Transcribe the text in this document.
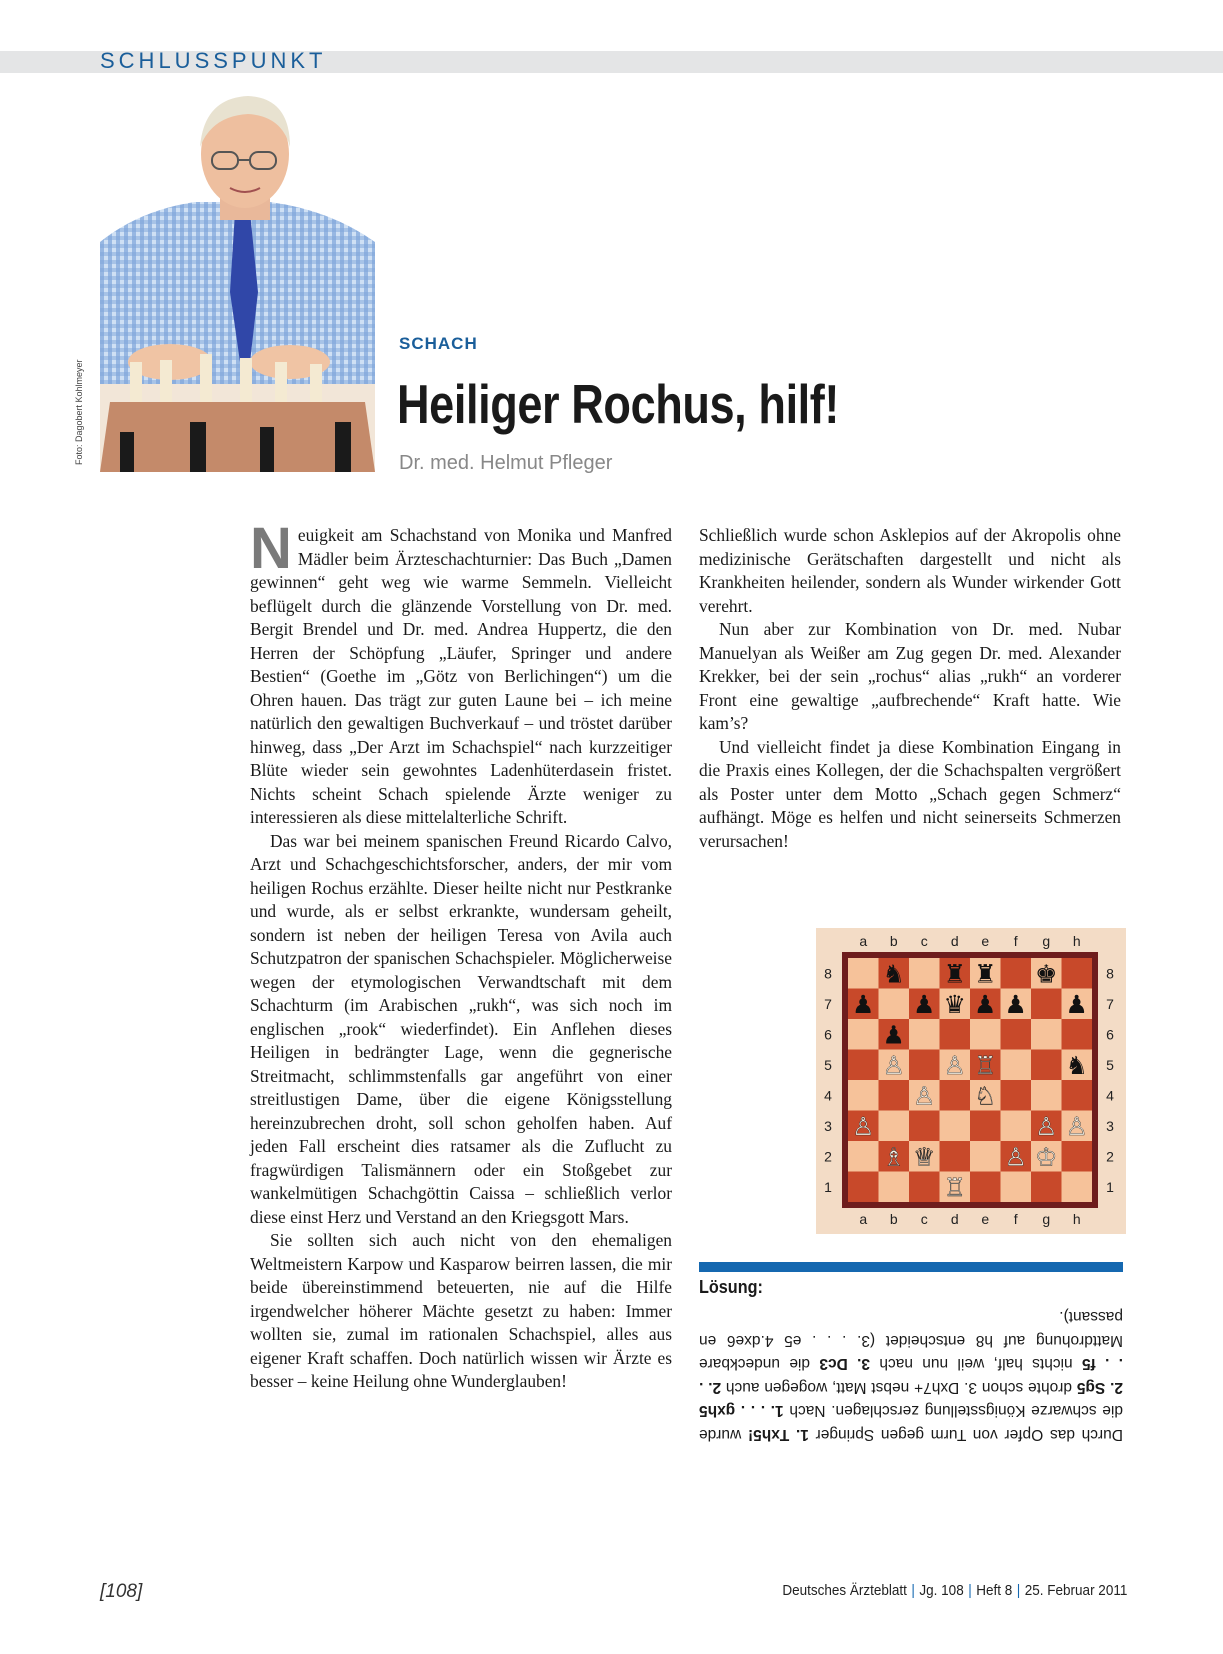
SCHLUSSPUNKT
Foto: Dagobert Kohlmeyer
SCHACH
Heiliger Rochus, hilf!
Dr. med. Helmut Pfleger

Neuigkeit am Schachstand von Monika und Manfred Mädler beim Ärzteschachturnier: Das Buch „Damen gewinnen“ geht weg wie warme Semmeln. Vielleicht beflügelt durch die glänzende Vorstellung von Dr. med. Bergit Brendel und Dr. med. Andrea Huppertz, die den Herren der Schöpfung „Läufer, Springer und andere Bestien“ (Goethe im „Götz von Berlichingen“) um die Ohren hauen. Das trägt zur guten Laune bei – ich meine natürlich den gewaltigen Buchverkauf – und tröstet darüber hinweg, dass „Der Arzt im Schachspiel“ nach kurzzeitiger Blüte wieder sein gewohntes Ladenhüterdasein fristet. Nichts scheint Schach spielende Ärzte weniger zu interessieren als diese mittelalterliche Schrift.

Das war bei meinem spanischen Freund Ricardo Calvo, Arzt und Schachgeschichtsforscher, anders, der mir vom heiligen Rochus erzählte. Dieser heilte nicht nur Pestkranke und wurde, als er selbst erkrankte, wundersam geheilt, sondern ist neben der heiligen Teresa von Avila auch Schutzpatron der spanischen Schachspieler. Möglicherweise wegen der etymologischen Verwandtschaft mit dem Schachturm (im Arabischen „rukh“, was sich noch im englischen „rook“ wiederfindet). Ein Anflehen dieses Heiligen in bedrängter Lage, wenn die gegnerische Streitmacht, schlimmstenfalls gar angeführt von einer streitlustigen Dame, über die eigene Königsstellung hereinzubrechen droht, soll schon geholfen haben. Auf jeden Fall erscheint dies ratsamer als die Zuflucht zu fragwürdigen Talismännern oder ein Stoßgebet zur wankelmütigen Schachgöttin Caissa – schließlich verlor diese einst Herz und Verstand an den Kriegsgott Mars.

Sie sollten sich auch nicht von den ehemaligen Weltmeistern Karpow und Kasparow beirren lassen, die mir beide übereinstimmend beteuerten, nie auf die Hilfe irgendwelcher höherer Mächte gesetzt zu haben: Immer wollten sie, zumal im rationalen Schachspiel, alles aus eigener Kraft schaffen. Doch natürlich wissen wir Ärzte es besser – keine Heilung ohne Wunderglauben!

Schließlich wurde schon Asklepios auf der Akropolis ohne medizinische Gerätschaften dargestellt und nicht als Krankheiten heilender, sondern als Wunder wirkender Gott verehrt.

Nun aber zur Kombination von Dr. med. Nubar Manuelyan als Weißer am Zug gegen Dr. med. Alexander Krekker, bei der sein „rochus“ alias „rukh“ an vorderer Front eine gewaltige „aufbrechende“ Kraft hatte. Wie kam’s?

Und vielleicht findet ja diese Kombination Eingang in die Praxis eines Kollegen, der die Schachspalten vergrößert als Poster unter dem Motto „Schach gegen Schmerz“ aufhängt. Möge es helfen und nicht seinerseits Schmerzen verursachen!

a
a
b
b
c
c
d
d
e
e
f
f
g
g
h
h
8	8
7	7
6	6
5	5
4	4
3	3
2	2
1	1
♞ ♜ ♜ ♚
♟ ♟ ♛ ♟ ♟ ♟
♟
♙ ♙ ♖	♞
♙ ♘
♙	♙ ♙
♗ ♕	♙ ♔
♖
Lösung:

Durch das Opfer von Turm gegen Springer 1. Txh5! wurde die schwarze Königsstellung zerschlagen. Nach 1. . . . gxh5 2. Sg5 drohte schon 3. Dxh7+ nebst Matt, wogegen auch 2. . . . f5 nichts half, weil nun nach 3. Dc3 die undeckbare Mattdrohung auf h8 entscheidet (3. . . . e5 4.dxe6 en passant).

[108]	Deutsches Ärzteblatt | Jg. 108 | Heft 8 | 25. Februar 2011
